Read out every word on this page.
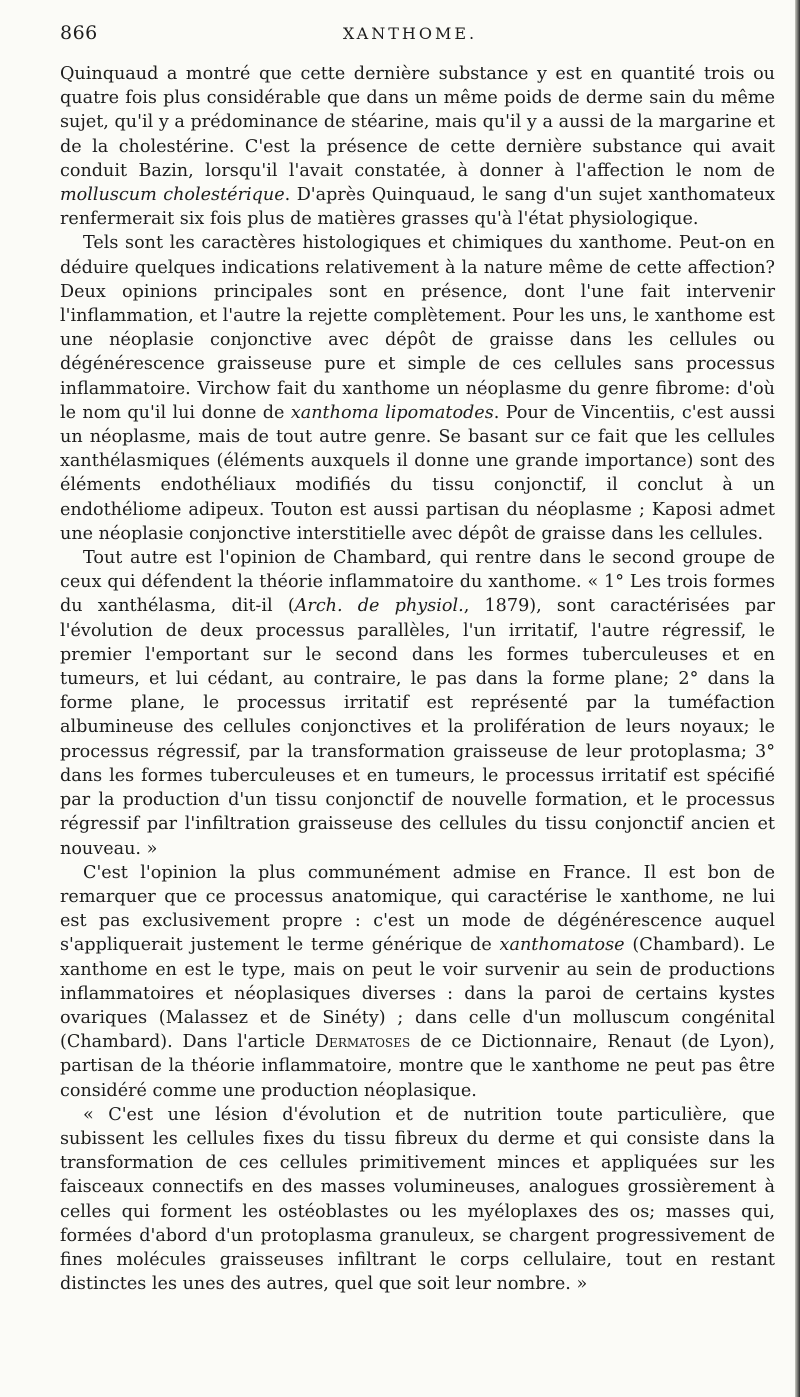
866	XANTHOME.

Quinquaud a montré que cette dernière substance y est en quantité trois ou quatre fois plus considérable que dans un même poids de derme sain du même sujet, qu'il y a prédominance de stéarine, mais qu'il y a aussi de la margarine et de la cholestérine. C'est la présence de cette dernière substance qui avait conduit Bazin, lorsqu'il l'avait constatée, à donner à l'affection le nom de molluscum cholestérique. D'après Quinquaud, le sang d'un sujet xanthomateux renfermerait six fois plus de matières grasses qu'à l'état physiologique.

Tels sont les caractères histologiques et chimiques du xanthome. Peut-on en déduire quelques indications relativement à la nature même de cette affection? Deux opinions principales sont en présence, dont l'une fait intervenir l'inflammation, et l'autre la rejette complètement. Pour les uns, le xanthome est une néoplasie conjonctive avec dépôt de graisse dans les cellules ou dégénérescence graisseuse pure et simple de ces cellules sans processus inflammatoire. Virchow fait du xanthome un néoplasme du genre fibrome: d'où le nom qu'il lui donne de xanthoma lipomatodes. Pour de Vincentiis, c'est aussi un néoplasme, mais de tout autre genre. Se basant sur ce fait que les cellules xanthélasmiques (éléments auxquels il donne une grande importance) sont des éléments endothéliaux modifiés du tissu conjonctif, il conclut à un endothéliome adipeux. Touton est aussi partisan du néoplasme ; Kaposi admet une néoplasie conjonctive interstitielle avec dépôt de graisse dans les cellules.

Tout autre est l'opinion de Chambard, qui rentre dans le second groupe de ceux qui défendent la théorie inflammatoire du xanthome. « 1° Les trois formes du xanthélasma, dit-il (Arch. de physiol., 1879), sont caractérisées par l'évolution de deux processus parallèles, l'un irritatif, l'autre régressif, le premier l'emportant sur le second dans les formes tuberculeuses et en tumeurs, et lui cédant, au contraire, le pas dans la forme plane; 2° dans la forme plane, le processus irritatif est représenté par la tuméfaction albumineuse des cellules conjonctives et la prolifération de leurs noyaux; le processus régressif, par la transformation graisseuse de leur protoplasma; 3° dans les formes tuberculeuses et en tumeurs, le processus irritatif est spécifié par la production d'un tissu conjonctif de nouvelle formation, et le processus régressif par l'infiltration graisseuse des cellules du tissu conjonctif ancien et nouveau. »

C'est l'opinion la plus communément admise en France. Il est bon de remarquer que ce processus anatomique, qui caractérise le xanthome, ne lui est pas exclusivement propre : c'est un mode de dégénérescence auquel s'appliquerait justement le terme générique de xanthomatose (Chambard). Le xanthome en est le type, mais on peut le voir survenir au sein de productions inflammatoires et néoplasiques diverses : dans la paroi de certains kystes ovariques (Malassez et de Sinéty) ; dans celle d'un molluscum congénital (Chambard). Dans l'article Dermatoses de ce Dictionnaire, Renaut (de Lyon), partisan de la théorie inflammatoire, montre que le xanthome ne peut pas être considéré comme une production néoplasique.

« C'est une lésion d'évolution et de nutrition toute particulière, que subissent les cellules fixes du tissu fibreux du derme et qui consiste dans la transformation de ces cellules primitivement minces et appliquées sur les faisceaux connectifs en des masses volumineuses, analogues grossièrement à celles qui forment les ostéoblastes ou les myéloplaxes des os; masses qui, formées d'abord d'un protoplasma granuleux, se chargent progressivement de fines molécules graisseuses infiltrant le corps cellulaire, tout en restant distinctes les unes des autres, quel que soit leur nombre. »
